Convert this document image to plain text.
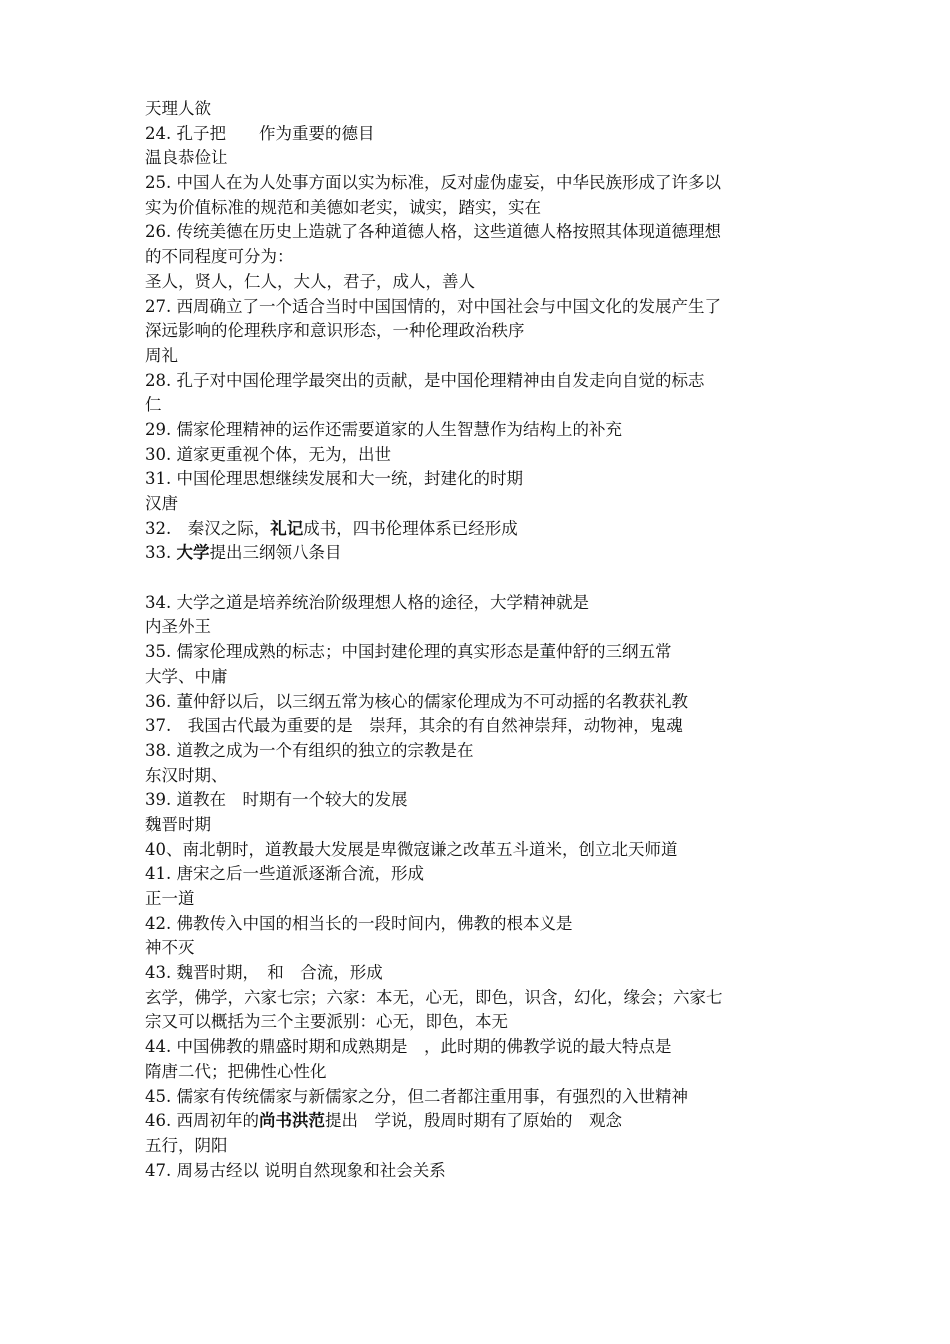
天理人欲
24. 孔子把　　作为重要的德目
温良恭俭让
25. 中国人在为人处事方面以实为标准，反对虚伪虚妄，中华民族形成了许多以
实为价值标准的规范和美德如老实，诚实，踏实，实在
26. 传统美德在历史上造就了各种道德人格，这些道德人格按照其体现道德理想
的不同程度可分为：
圣人，贤人，仁人，大人，君子，成人，善人
27. 西周确立了一个适合当时中国国情的，对中国社会与中国文化的发展产生了
深远影响的伦理秩序和意识形态，一种伦理政治秩序
周礼
28. 孔子对中国伦理学最突出的贡献，是中国伦理精神由自发走向自觉的标志
仁
29. 儒家伦理精神的运作还需要道家的人生智慧作为结构上的补充
30. 道家更重视个体，无为，出世
31. 中国伦理思想继续发展和大一统，封建化的时期
汉唐
32.　秦汉之际，礼记成书，四书伦理体系已经形成
33. 大学提出三纲领八条目
34. 大学之道是培养统治阶级理想人格的途径，大学精神就是
内圣外王
35. 儒家伦理成熟的标志；中国封建伦理的真实形态是董仲舒的三纲五常
大学、中庸
36. 董仲舒以后，以三纲五常为核心的儒家伦理成为不可动摇的名教获礼教
37.　我国古代最为重要的是　崇拜，其余的有自然神崇拜，动物神，鬼魂
38. 道教之成为一个有组织的独立的宗教是在
东汉时期、
39. 道教在　时期有一个较大的发展
魏晋时期
40、南北朝时，道教最大发展是卑微寇谦之改革五斗道米，创立北天师道
41. 唐宋之后一些道派逐渐合流，形成
正一道
42. 佛教传入中国的相当长的一段时间内，佛教的根本义是
神不灭
43. 魏晋时期，　和　合流，形成
玄学，佛学，六家七宗；六家：本无，心无，即色，识含，幻化，缘会；六家七
宗又可以概括为三个主要派别：心无，即色，本无
44. 中国佛教的鼎盛时期和成熟期是　，此时期的佛教学说的最大特点是
隋唐二代；把佛性心性化
45. 儒家有传统儒家与新儒家之分，但二者都注重用事，有强烈的入世精神
46. 西周初年的尚书洪范提出　学说，殷周时期有了原始的　观念
五行，阴阳
47. 周易古经以 说明自然现象和社会关系
